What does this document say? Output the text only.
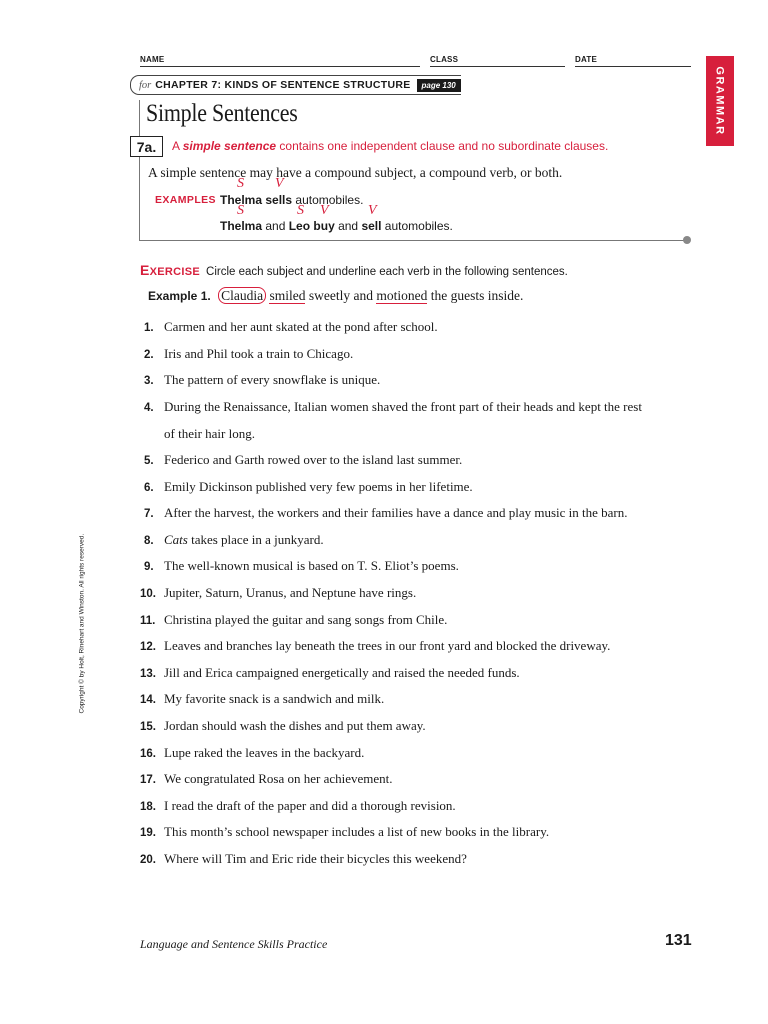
NAME	CLASS	DATE
for CHAPTER 7: KINDS OF SENTENCE STRUCTURE	page 130	GRAMMAR
Simple Sentences
7a.	A simple sentence contains one independent clause and no subordinate clauses.
A simple sentence may have a compound subject, a compound verb, or both.
EXAMPLES
S V
Thelma sells automobiles.
S	S V	V
Thelma and Leo buy and sell automobiles.
EXERCISE Circle each subject and underline each verb in the following sentences.
Example 1. Claudia smiled sweetly and motioned the guests inside.
1. Carmen and her aunt skated at the pond after school.
2. Iris and Phil took a train to Chicago.
3. The pattern of every snowflake is unique.
4. During the Renaissance, Italian women shaved the front part of their heads and kept the rest
of their hair long.
5. Federico and Garth rowed over to the island last summer.
6. Emily Dickinson published very few poems in her lifetime.
7. After the harvest, the workers and their families have a dance and play music in the barn.
8. Cats takes place in a junkyard.
9. The well-known musical is based on T. S. Eliot’s poems.
10. Jupiter, Saturn, Uranus, and Neptune have rings.
11. Christina played the guitar and sang songs from Chile.
12. Leaves and branches lay beneath the trees in our front yard and blocked the driveway.
13. Jill and Erica campaigned energetically and raised the needed funds.
14. My favorite snack is a sandwich and milk.
15. Jordan should wash the dishes and put them away.
16. Lupe raked the leaves in the backyard.
17. We congratulated Rosa on her achievement.
18. I read the draft of the paper and did a thorough revision.
19. This month’s school newspaper includes a list of new books in the library.
20. Where will Tim and Eric ride their bicycles this weekend?
Copyright © by Holt, Rinehart and Winston. All rights reserved.
Language and Sentence Skills Practice	131
